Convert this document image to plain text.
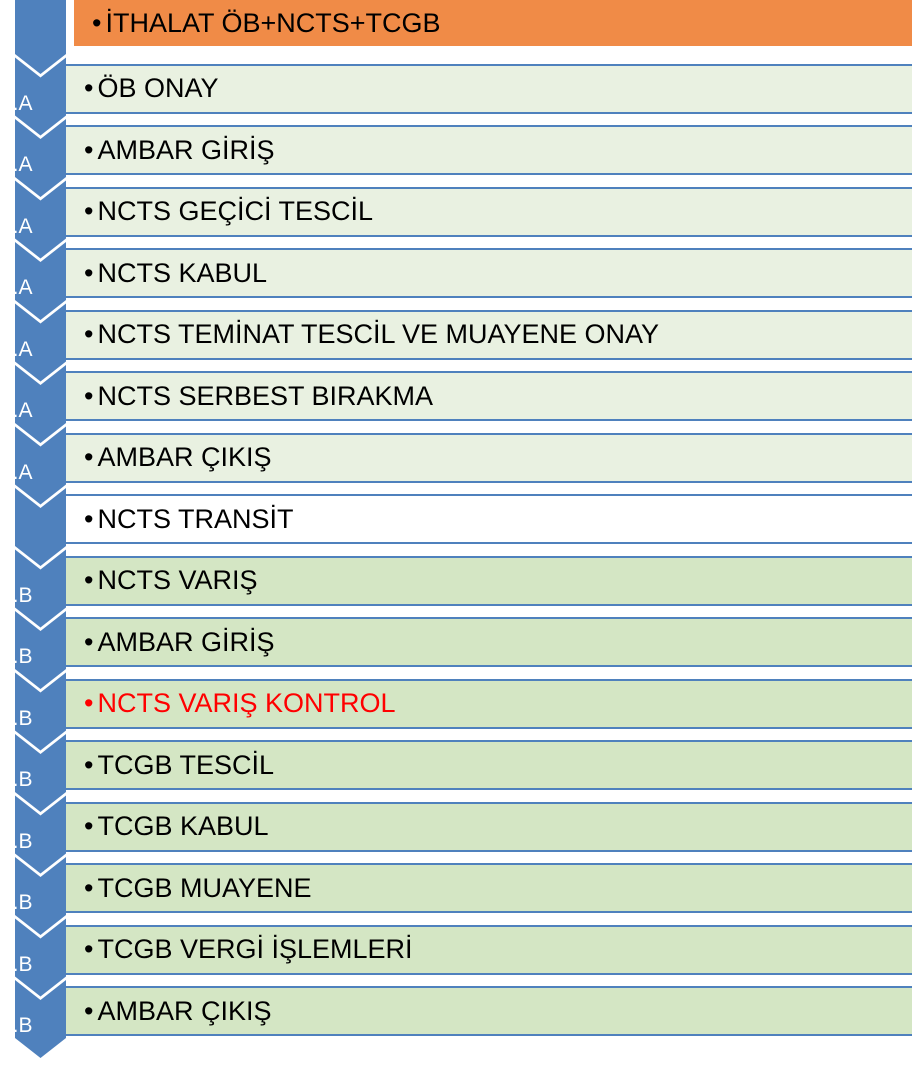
• İTHALAT ÖB+NCTS+TCGB
• ÖB ONAY
1.A
• AMBAR GİRİŞ
1.A
• NCTS GEÇİCİ TESCİL
1.A
• NCTS KABUL
1.A
• NCTS TEMİNAT TESCİL VE MUAYENE ONAY
1.A
• NCTS SERBEST BIRAKMA
1.A
• AMBAR ÇIKIŞ
1.A
• NCTS TRANSİT
• NCTS VARIŞ
1.B
• AMBAR GİRİŞ
1.B
• NCTS VARIŞ KONTROL
1.B
• TCGB TESCİL
1.B
• TCGB KABUL
1.B
• TCGB MUAYENE
1.B
• TCGB VERGİ İŞLEMLERİ
1.B
• AMBAR ÇIKIŞ
1.B
